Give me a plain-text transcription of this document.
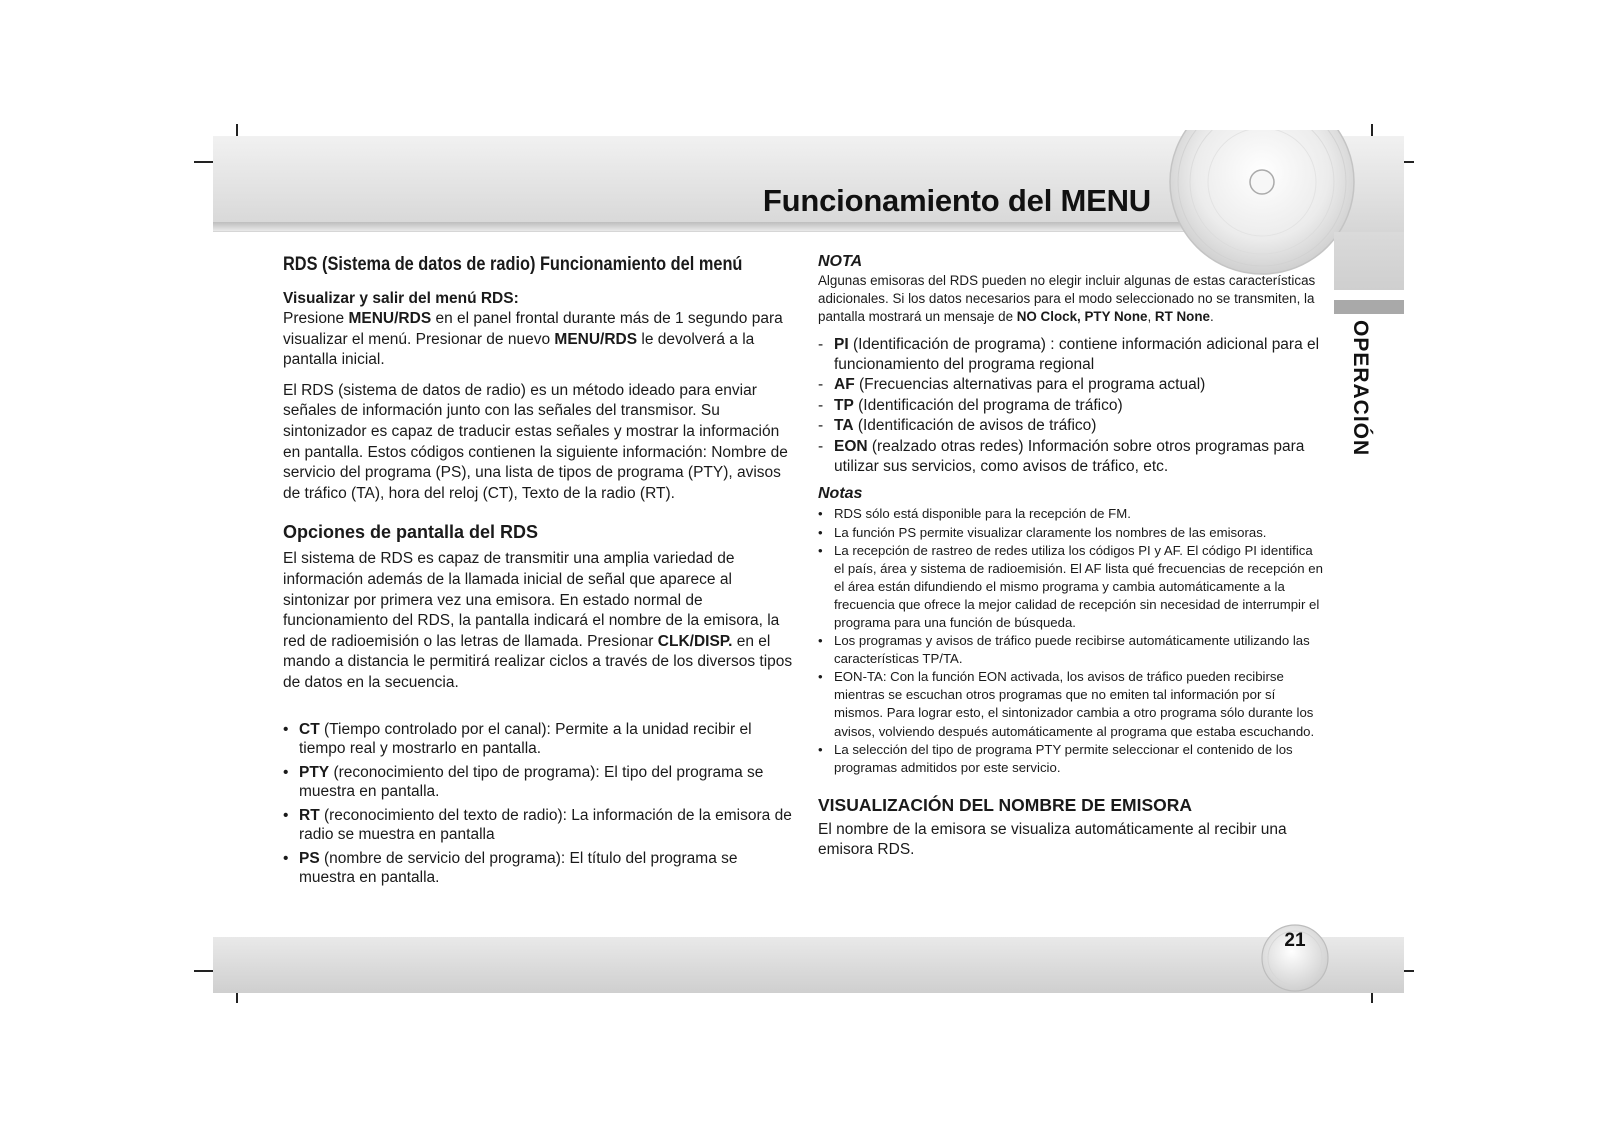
Funcionamiento del MENU
OPERACIÓN
RDS (Sistema de datos de radio) Funcionamiento del menú
Visualizar y salir del menú RDS:

Presione MENU/RDS en el panel frontal durante más de 1 segundo para visualizar el menú. Presionar de nuevo MENU/RDS le devolverá a la pantalla inicial.

El RDS (sistema de datos de radio) es un método ideado para enviar señales de información junto con las señales del transmisor. Su sintonizador es capaz de traducir estas señales y mostrar la información en pantalla. Estos códigos contienen la siguiente información: Nombre de servicio del programa (PS), una lista de tipos de programa (PTY), avisos de tráfico (TA), hora del reloj (CT), Texto de la radio (RT).

Opciones de pantalla del RDS

El sistema de RDS es capaz de transmitir una amplia variedad de información además de la llamada inicial de señal que aparece al sintonizar por primera vez una emisora. En estado normal de funcionamiento del RDS, la pantalla indicará el nombre de la emisora, la red de radioemisión o las letras de llamada. Presionar CLK/DISP. en el mando a distancia le permitirá realizar ciclos a través de los diversos tipos de datos en la secuencia.

• CT (Tiempo controlado por el canal): Permite a la unidad recibir el tiempo real y mostrarlo en pantalla.
• PTY (reconocimiento del tipo de programa): El tipo del programa se muestra en pantalla.
• RT (reconocimiento del texto de radio): La información de la emisora de radio se muestra en pantalla
• PS (nombre de servicio del programa): El título del programa se muestra en pantalla.
NOTA

Algunas emisoras del RDS pueden no elegir incluir algunas de estas características adicionales. Si los datos necesarios para el modo seleccionado no se transmiten, la pantalla mostrará un mensaje de NO Clock, PTY None, RT None.

- PI (Identificación de programa) : contiene información adicional para el funcionamiento del programa regional
- AF (Frecuencias alternativas para el programa actual)
- TP (Identificación del programa de tráfico)
- TA (Identificación de avisos de tráfico)
- EON (realzado otras redes) Información sobre otros programas para utilizar sus servicios, como avisos de tráfico, etc.
Notas
• RDS sólo está disponible para la recepción de FM.
• La función PS permite visualizar claramente los nombres de las emisoras.
• La recepción de rastreo de redes utiliza los códigos PI y AF. El código PI identifica el país, área y sistema de radioemisión. El AF lista qué frecuencias de recepción en el área están difundiendo el mismo programa y cambia automáticamente a la frecuencia que ofrece la mejor calidad de recepción sin necesidad de interrumpir el programa para una función de búsqueda.
• Los programas y avisos de tráfico puede recibirse automáticamente utilizando las características TP/TA.
• EON-TA: Con la función EON activada, los avisos de tráfico pueden recibirse mientras se escuchan otros programas que no emiten tal información por sí mismos. Para lograr esto, el sintonizador cambia a otro programa sólo durante los avisos, volviendo después automáticamente al programa que estaba escuchando.
• La selección del tipo de programa PTY permite seleccionar el contenido de los programas admitidos por este servicio.
VISUALIZACIÓN DEL NOMBRE DE EMISORA

El nombre de la emisora se visualiza automáticamente al recibir una emisora RDS.

21
